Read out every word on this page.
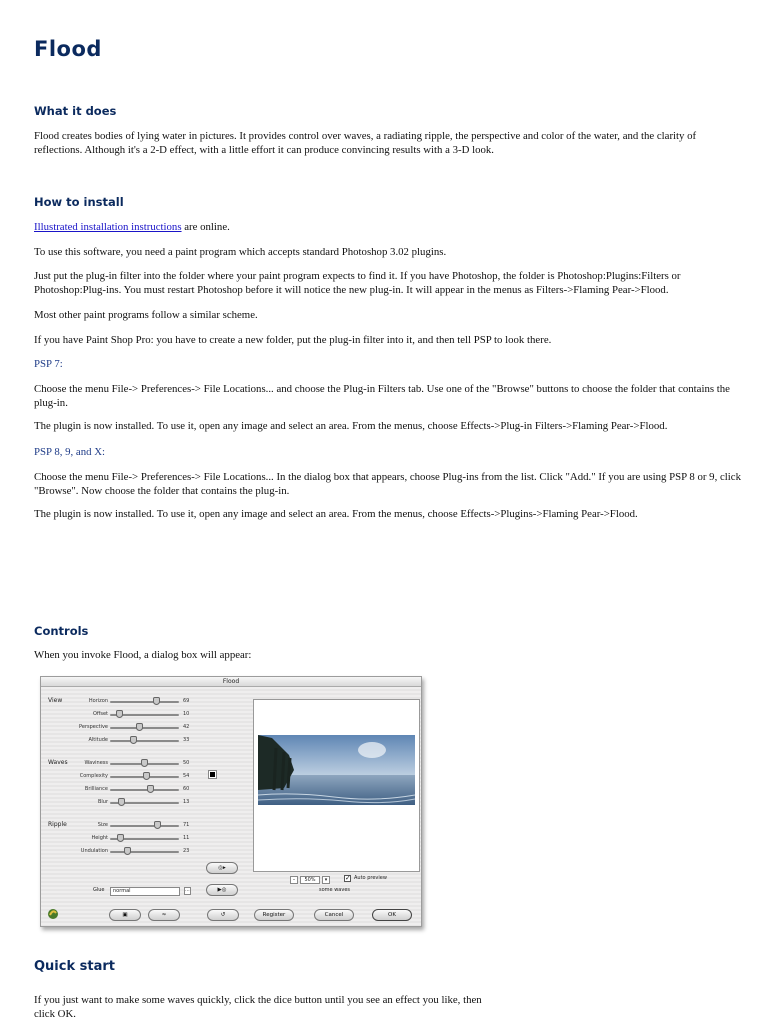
Flood
What it does

Flood creates bodies of lying water in pictures. It provides control over waves, a radiating ripple, the perspective and color of the water, and the clarity of reflections. Although it's a 2-D effect, with a little effort it can produce convincing results with a 3-D look.

How to install

Illustrated installation instructions are online.

To use this software, you need a paint program which accepts standard Photoshop 3.02 plugins.

Just put the plug-in filter into the folder where your paint program expects to find it. If you have Photoshop, the folder is Photoshop:Plugins:Filters or Photoshop:Plug-ins. You must restart Photoshop before it will notice the new plug-in. It will appear in the menus as Filters->Flaming Pear->Flood.

Most other paint programs follow a similar scheme.

If you have Paint Shop Pro: you have to create a new folder, put the plug-in filter into it, and then tell PSP to look there.

PSP 7:

Choose the menu File-> Preferences-> File Locations... and choose the Plug-in Filters tab. Use one of the "Browse" buttons to choose the folder that contains the plug-in.

The plugin is now installed. To use it, open any image and select an area. From the menus, choose Effects->Plug-in Filters->Flaming Pear->Flood.

PSP 8, 9, and X:

Choose the menu File-> Preferences-> File Locations... In the dialog box that appears, choose Plug-ins from the list. Click "Add." If you are using PSP 8 or 9, click "Browse". Now choose the folder that contains the plug-in.

The plugin is now installed. To use it, open any image and select an area. From the menus, choose Effects->Plugins->Flaming Pear->Flood.

Controls

When you invoke Flood, a dialog box will appear:

Quick start

If you just want to make some waves quickly, click the dice button until you see an effect you like, then click OK.

Flood
View
Waves
Ripple
Horizon	69
Offset	10
Perspective	42
Altitude	33
Waviness	50
Complexity	54
Brilliance	60
Blur	13
Size	71
Height	11
Undulation	23
–	50%	▾	✓ Auto preview
some waves
◎▸
▶◎
Glue	normal	⋯
▣	≈	↺	Register	Cancel	OK
